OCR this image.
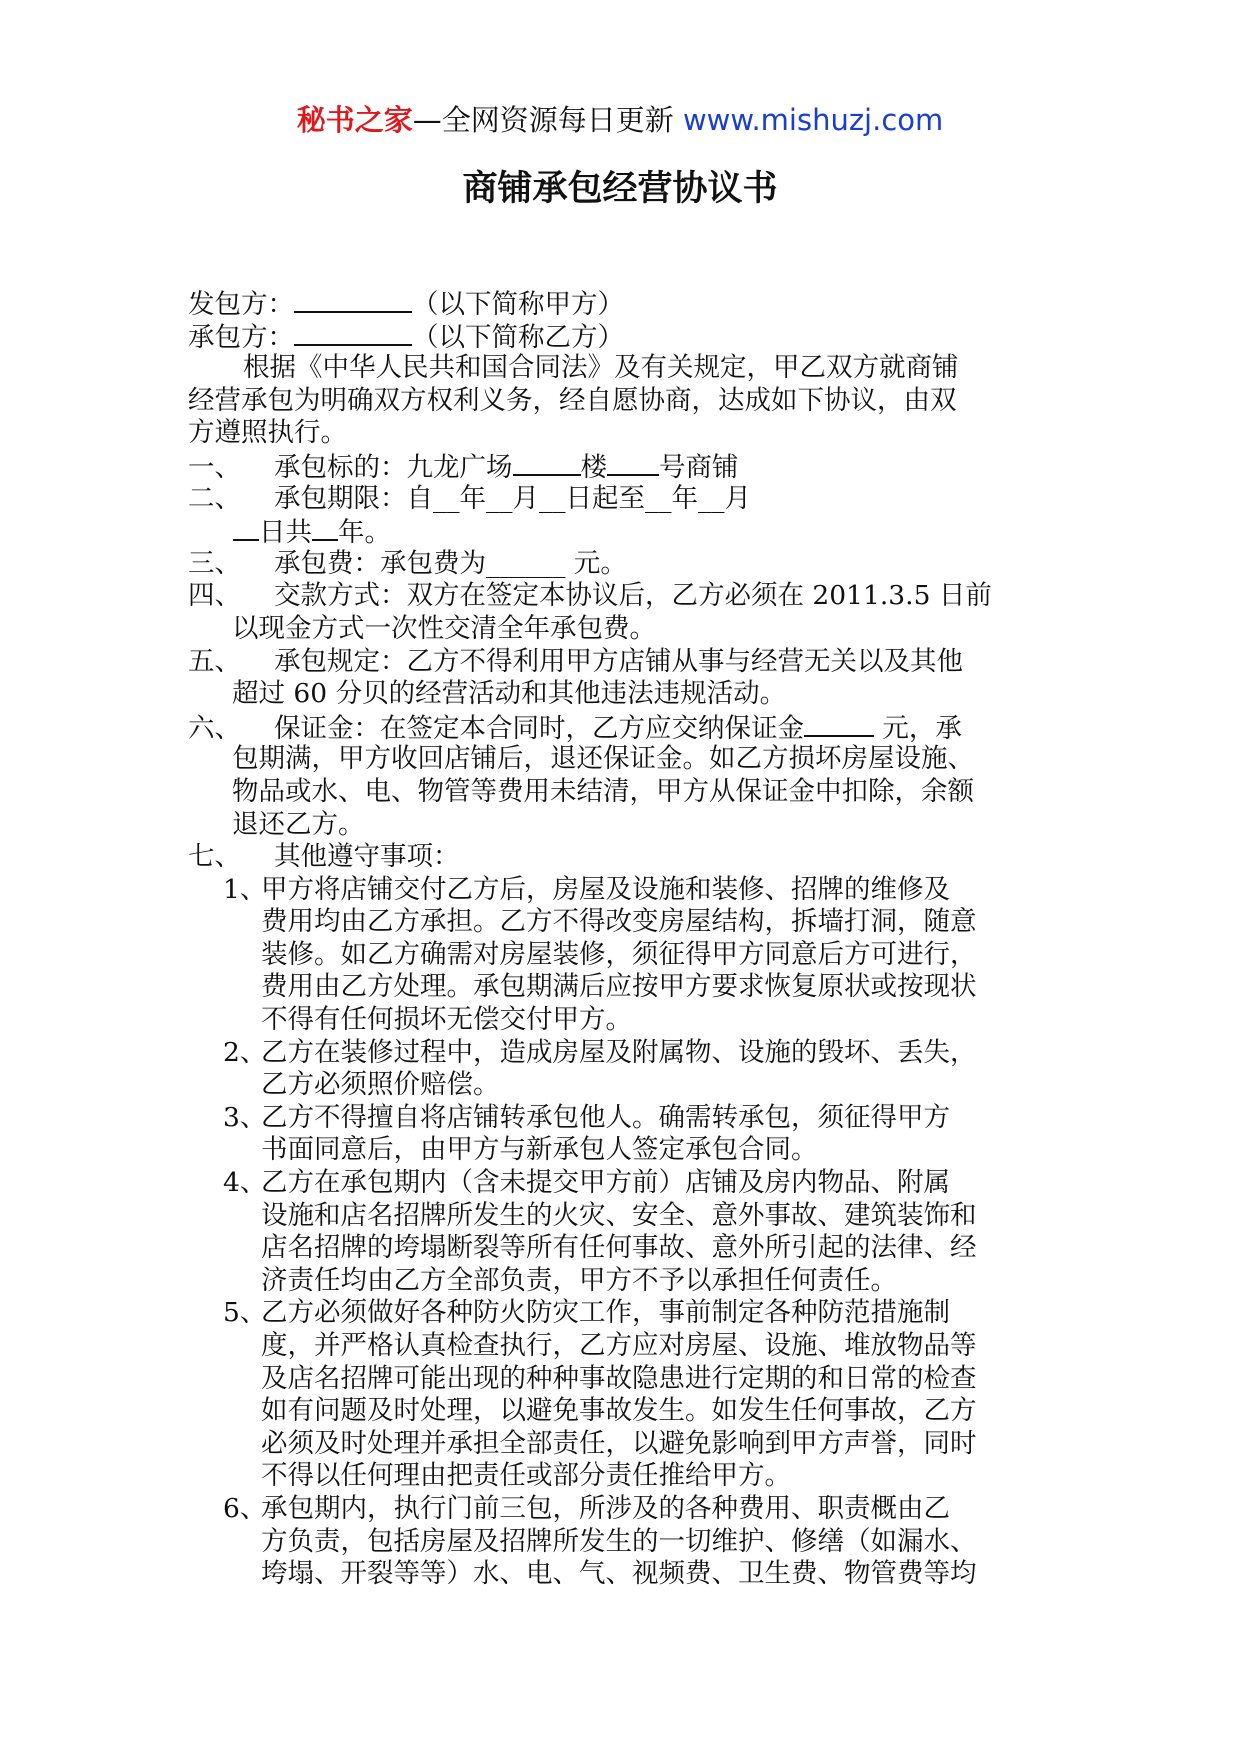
秘书之家—全网资源每日更新 www.mishuzj.com
商铺承包经营协议书
发包方：	（以下简称甲方）
承包方：	（以下简称乙方）
根据《中华人民共和国合同法》及有关规定，甲乙双方就商铺
经营承包为明确双方权利义务，经自愿协商，达成如下协议，由双
方遵照执行。
一、 承包标的：九龙广场	楼 号商铺
二、 承包期限：自__年__月__日起至__年__月
日共 年。
三、 承包费：承包费为______ 元。
四、 交款方式：双方在签定本协议后，乙方必须在 2011.3.5 日前
以现金方式一次性交清全年承包费。
五、 承包规定：乙方不得利用甲方店铺从事与经营无关以及其他
超过 60 分贝的经营活动和其他违法违规活动。
六、 保证金：在签定本合同时，乙方应交纳保证金	元，承
包期满，甲方收回店铺后，退还保证金。如乙方损坏房屋设施、
物品或水、电、物管等费用未结清，甲方从保证金中扣除，余额
退还乙方。
七、 其他遵守事项：
1、甲方将店铺交付乙方后，房屋及设施和装修、招牌的维修及
费用均由乙方承担。乙方不得改变房屋结构，拆墙打洞，随意
装修。如乙方确需对房屋装修，须征得甲方同意后方可进行，
费用由乙方处理。承包期满后应按甲方要求恢复原状或按现状
不得有任何损坏无偿交付甲方。
2、乙方在装修过程中，造成房屋及附属物、设施的毁坏、丢失，
乙方必须照价赔偿。
3、乙方不得擅自将店铺转承包他人。确需转承包，须征得甲方
书面同意后，由甲方与新承包人签定承包合同。
4、乙方在承包期内（含未提交甲方前）店铺及房内物品、附属
设施和店名招牌所发生的火灾、安全、意外事故、建筑装饰和
店名招牌的垮塌断裂等所有任何事故、意外所引起的法律、经
济责任均由乙方全部负责，甲方不予以承担任何责任。
5、乙方必须做好各种防火防灾工作，事前制定各种防范措施制
度，并严格认真检查执行，乙方应对房屋、设施、堆放物品等
及店名招牌可能出现的种种事故隐患进行定期的和日常的检查
如有问题及时处理，以避免事故发生。如发生任何事故，乙方
必须及时处理并承担全部责任，以避免影响到甲方声誉，同时
不得以任何理由把责任或部分责任推给甲方。
6、承包期内，执行门前三包，所涉及的各种费用、职责概由乙
方负责，包括房屋及招牌所发生的一切维护、修缮（如漏水、
垮塌、开裂等等）水、电、气、视频费、卫生费、物管费等均
